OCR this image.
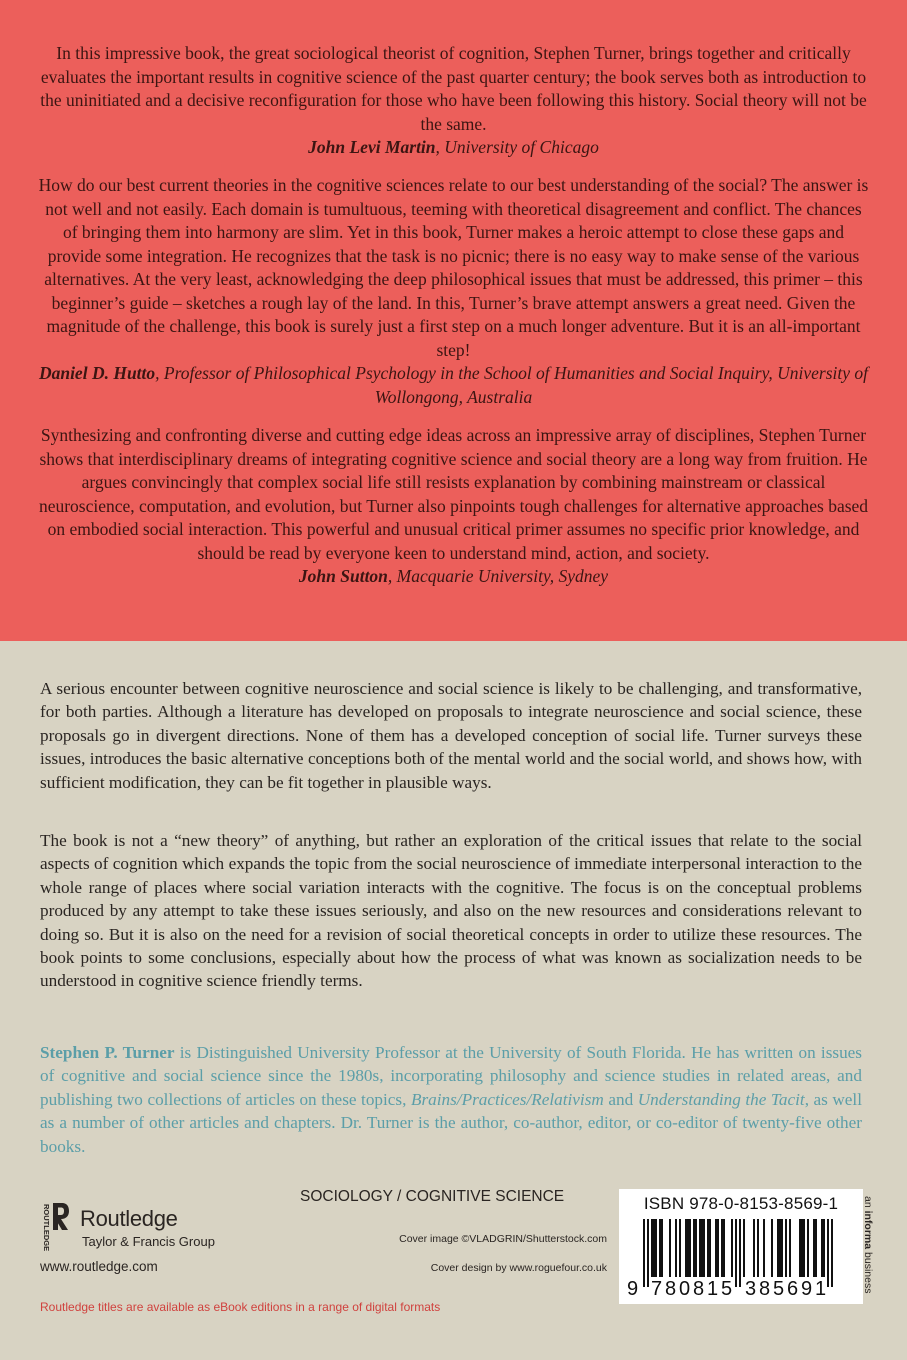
In this impressive book, the great sociological theorist of cognition, Stephen Turner, brings together and critically evaluates the important results in cognitive science of the past quarter century; the book serves both as introduction to the uninitiated and a decisive reconfiguration for those who have been following this history. Social theory will not be the same.

John Levi Martin, University of Chicago

How do our best current theories in the cognitive sciences relate to our best understanding of the social? The answer is not well and not easily. Each domain is tumultuous, teeming with theoretical disagreement and conflict. The chances of bringing them into harmony are slim. Yet in this book, Turner makes a heroic attempt to close these gaps and provide some integration. He recognizes that the task is no picnic; there is no easy way to make sense of the various alternatives. At the very least, acknowledging the deep philosophical issues that must be addressed, this primer – this beginner’s guide – sketches a rough lay of the land. In this, Turner’s brave attempt answers a great need. Given the magnitude of the challenge, this book is surely just a first step on a much longer adventure. But it is an all-important step!

Daniel D. Hutto, Professor of Philosophical Psychology in the School of Humanities and Social Inquiry, University of Wollongong, Australia

Synthesizing and confronting diverse and cutting edge ideas across an impressive array of disciplines, Stephen Turner shows that interdisciplinary dreams of integrating cognitive science and social theory are a long way from fruition. He argues convincingly that complex social life still resists explanation by combining mainstream or classical neuroscience, computation, and evolution, but Turner also pinpoints tough challenges for alternative approaches based on embodied social interaction. This powerful and unusual critical primer assumes no specific prior knowledge, and should be read by everyone keen to understand mind, action, and society.

John Sutton, Macquarie University, Sydney

A serious encounter between cognitive neuroscience and social science is likely to be challenging, and transformative, for both parties. Although a literature has developed on proposals to integrate neuroscience and social science, these proposals go in divergent directions. None of them has a developed conception of social life. Turner surveys these issues, introduces the basic alternative conceptions both of the mental world and the social world, and shows how, with sufficient modification, they can be fit together in plausible ways.

The book is not a “new theory” of anything, but rather an exploration of the critical issues that relate to the social aspects of cognition which expands the topic from the social neuroscience of immediate interpersonal interaction to the whole range of places where social variation interacts with the cognitive. The focus is on the conceptual problems produced by any attempt to take these issues seriously, and also on the new resources and considerations relevant to doing so. But it is also on the need for a revision of social theoretical concepts in order to utilize these resources. The book points to some conclusions, especially about how the process of what was known as socialization needs to be understood in cognitive science friendly terms.

Stephen P. Turner is Distinguished University Professor at the University of South Florida. He has written on issues of cognitive and social science since the 1980s, incorporating philosophy and science studies in related areas, and publishing two collections of articles on these topics, Brains/Practices/Relativism and Understanding the Tacit, as well as a number of other articles and chapters. Dr. Turner is the author, co-author, editor, or co-editor of twenty-five other books.

ROUTLEDGE Routledge
Taylor & Francis Group
www.routledge.com
Routledge titles are available as eBook editions in a range of digital formats
SOCIOLOGY / COGNITIVE SCIENCE
Cover image ©VLADGRIN/Shutterstock.com
Cover design by www.roguefour.co.uk
ISBN 978-0-8153-8569-1
9 7 8 0 8 1 5 3 8 5 6 9 1
an informa business
